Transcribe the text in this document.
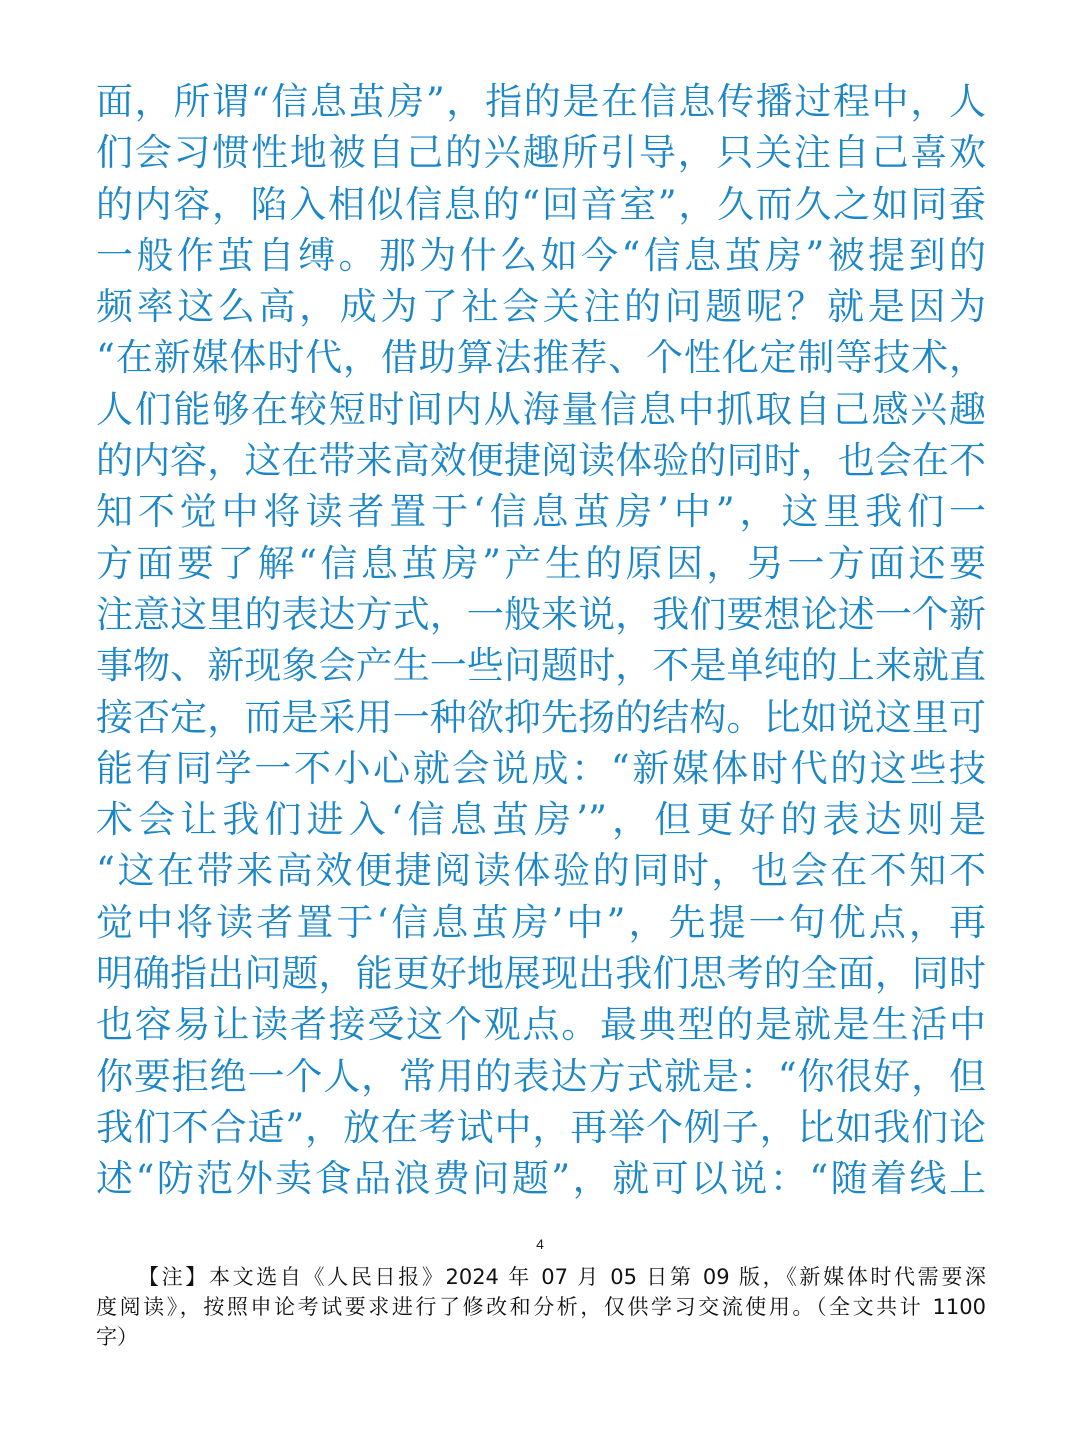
面，所谓“信息茧房”，指的是在信息传播过程中，人
们会习惯性地被自己的兴趣所引导，只关注自己喜欢
的内容，陷入相似信息的“回音室”，久而久之如同蚕
一般作茧自缚。那为什么如今“信息茧房”被提到的
频率这么高，成为了社会关注的问题呢？就是因为
“在新媒体时代，借助算法推荐、个性化定制等技术，
人们能够在较短时间内从海量信息中抓取自己感兴趣
的内容，这在带来高效便捷阅读体验的同时，也会在不
知不觉中将读者置于‘信息茧房’中”，这里我们一
方面要了解“信息茧房”产生的原因，另一方面还要
注意这里的表达方式，一般来说，我们要想论述一个新
事物、新现象会产生一些问题时，不是单纯的上来就直
接否定，而是采用一种欲抑先扬的结构。比如说这里可
能有同学一不小心就会说成：“新媒体时代的这些技
术会让我们进入‘信息茧房’”，但更好的表达则是
“这在带来高效便捷阅读体验的同时，也会在不知不
觉中将读者置于‘信息茧房’中”，先提一句优点，再
明确指出问题，能更好地展现出我们思考的全面，同时
也容易让读者接受这个观点。最典型的是就是生活中
你要拒绝一个人，常用的表达方式就是：“你很好，但
我们不合适”，放在考试中，再举个例子，比如我们论
述“防范外卖食品浪费问题”，就可以说：“随着线上
4
【注】本文选自《人民日报》2024 年 07 月 05 日第 09 版，《新媒体时代需要深
度阅读》，按照申论考试要求进行了修改和分析，仅供学习交流使用。（全文共计 1100
字）
